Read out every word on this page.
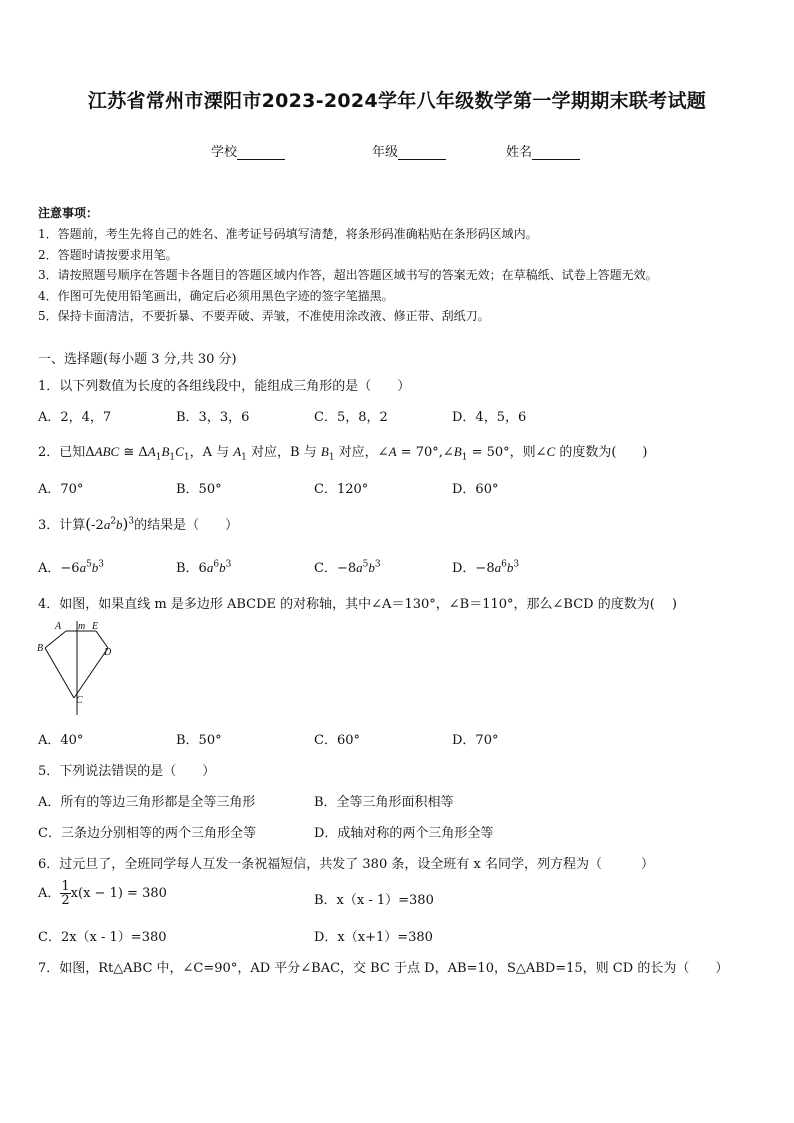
江苏省常州市溧阳市2023-2024学年八年级数学第一学期期末联考试题
学校	年级	姓名
注意事项：
1．答题前，考生先将自己的姓名、准考证号码填写清楚，将条形码准确粘贴在条形码区域内。
2．答题时请按要求用笔。
3．请按照题号顺序在答题卡各题目的答题区域内作答，超出答题区域书写的答案无效；在草稿纸、试卷上答题无效。
4．作图可先使用铅笔画出，确定后必须用黑色字迹的签字笔描黑。
5．保持卡面清洁，不要折暴、不要弄破、弄皱，不准使用涂改液、修正带、刮纸刀。
一、选择题(每小题 3 分,共 30 分)
1．以下列数值为长度的各组线段中，能组成三角形的是（　　）
A．2，4，7	B．3，3，6	C．5，8，2	D．4，5，6
2．已知ΔABC ≅ $\Delta A_1B_1C_1$，A 与 $A_1$ 对应，B 与 $B_1$ 对应，∠A = $70^\circ,\angle B_1 = 50^\circ$，则∠C 的度数为(　　)
A．70°	B．50°	C．120°	D．60°
3．计算$(-2a^2b)^3$的结果是（　　）
A．$-6a^5b^3$	B．$6a^6b^3$	C．$-8a^5b^3$	D．$-8a^6b^3$
4．如图，如果直线 m 是多边形 ABCDE 的对称轴，其中∠A＝130°，∠B＝110°，那么∠BCD 的度数为(　 )
A m E
B	D
C
A．40°	B．50°	C．60°	D．70°
5．下列说法错误的是（　　）
A．所有的等边三角形都是全等三角形	B．全等三角形面积相等
C．三条边分别相等的两个三角形全等	D．成轴对称的两个三角形全等
6．过元旦了，全班同学每人互发一条祝福短信，共发了 380 条，设全班有 x 名同学，列方程为（　　　）
A． $\frac{1}{2} x(x - 1) = 380$	B．x（x - 1）=380
C．2x（x - 1）=380	D．x（x+1）=380
7．如图，Rt△ABC 中，∠C=90°，AD 平分∠BAC，交 BC 于点 D，AB=10，S△ABD=15，则 CD 的长为（　　）
